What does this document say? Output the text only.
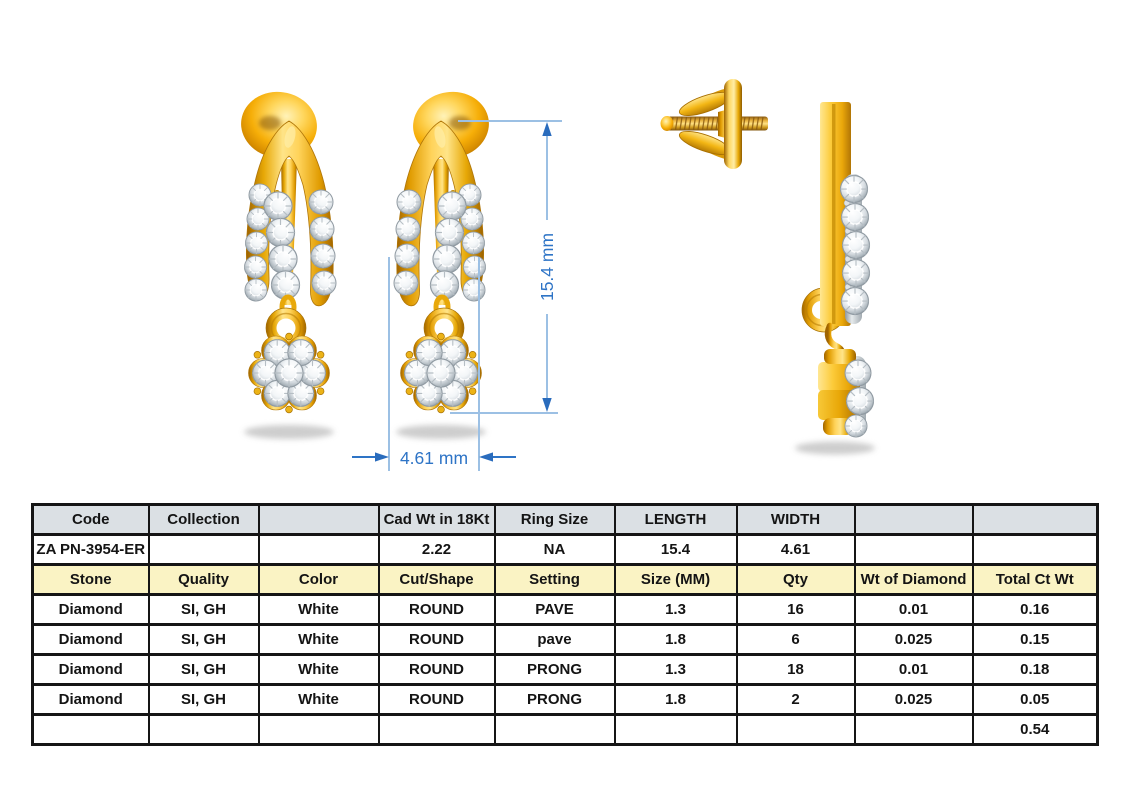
15.4 mm
4.61 mm
Code	Collection		Cad Wt in 18Kt	Ring Size	LENGTH	WIDTH		
ZA PN-3954-ER			2.22	NA	15.4	4.61		
Stone	Quality	Color	Cut/Shape	Setting	Size (MM)	Qty	Wt of Diamond	Total Ct Wt
Diamond	SI, GH	White	ROUND	PAVE	1.3	16	0.01	0.16
Diamond	SI, GH	White	ROUND	pave	1.8	6	0.025	0.15
Diamond	SI, GH	White	ROUND	PRONG	1.3	18	0.01	0.18
Diamond	SI, GH	White	ROUND	PRONG	1.8	2	0.025	0.05
								0.54
